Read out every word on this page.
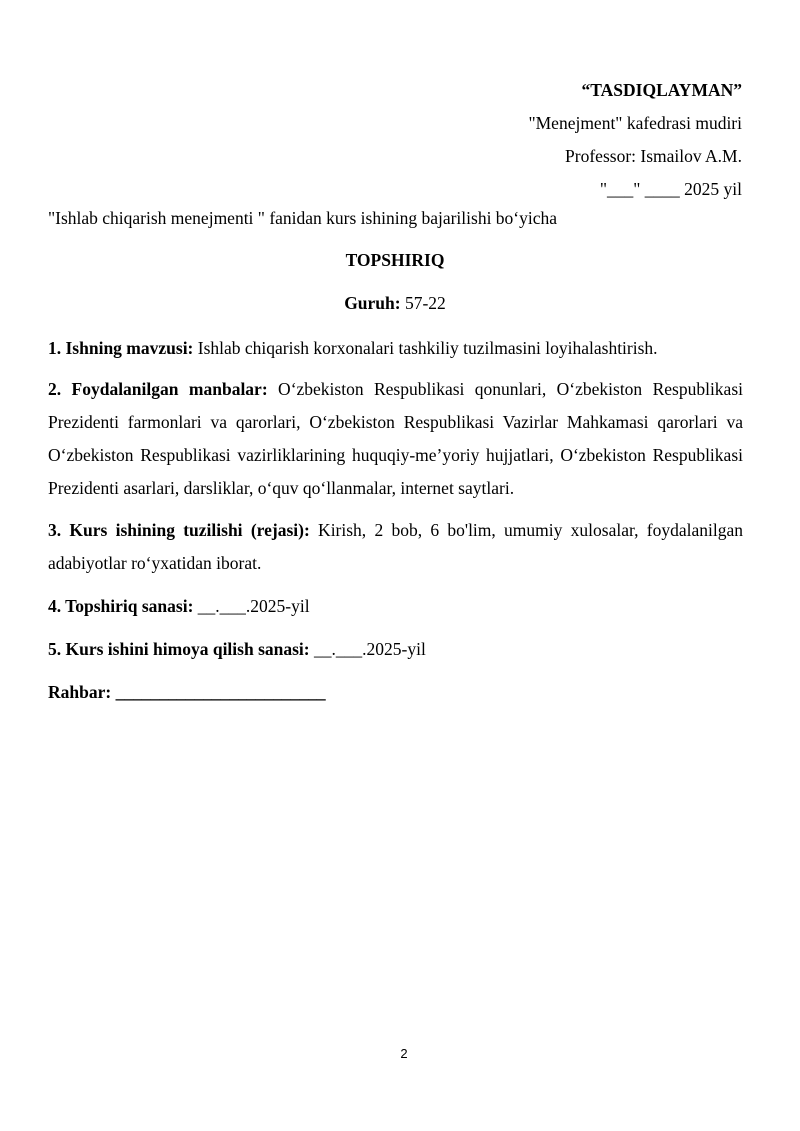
“TASDIQLAYMAN”
"Menejment" kafedrasi mudiri
Professor: Ismailov A.M.
"___" ____ 2025 yil
"Ishlab chiqarish menejmenti " fanidan kurs ishining bajarilishi bo‘yicha
TOPSHIRIQ
Guruh: 57-22
1. Ishning mavzusi: Ishlab chiqarish korxonalari tashkiliy tuzilmasini loyihalashtirish.
2. Foydalanilgan manbalar: O‘zbekiston Respublikasi qonunlari, O‘zbekiston Respublikasi Prezidenti farmonlari va qarorlari, O‘zbekiston Respublikasi Vazirlar Mahkamasi qarorlari va O‘zbekiston Respublikasi vazirliklarining huquqiy-me’yoriy hujjatlari, O‘zbekiston Respublikasi Prezidenti asarlari, darsliklar, o‘quv qo‘llanmalar, internet saytlari.
3. Kurs ishining tuzilishi (rejasi): Kirish, 2 bob, 6 bo'lim, umumiy xulosalar, foydalanilgan adabiyotlar ro‘yxatidan iborat.
4. Topshiriq sanasi: __.___.2025-yil
5. Kurs ishini himoya qilish sanasi: __.___.2025-yil
Rahbar: ________________________
2
